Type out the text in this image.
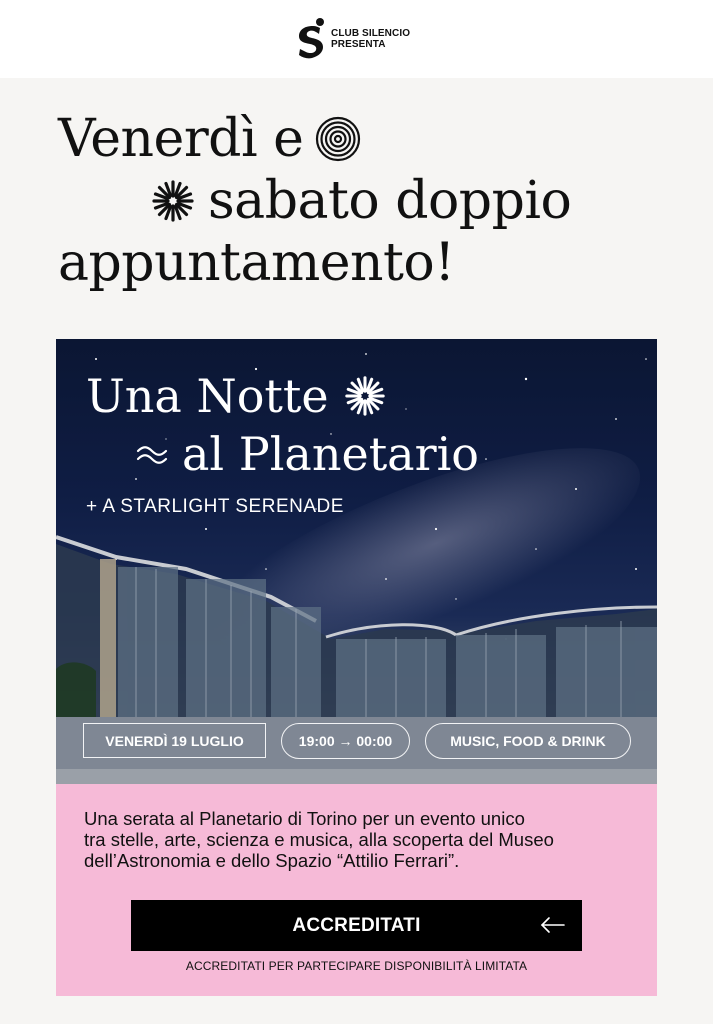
CLUB SILENCIO
PRESENTA
Venerdì e
sabato doppio
appuntamento!
Una Notte
al Planetario
+ A STARLIGHT SERENADE
VENERDÌ 19 LUGLIO	19:00 → 00:00	MUSIC, FOOD & DRINK
Una serata al Planetario di Torino per un evento unico
tra stelle, arte, scienza e musica, alla scoperta del Museo
dell’Astronomia e dello Spazio “Attilio Ferrari”.
ACCREDITATI
ACCREDITATI PER PARTECIPARE DISPONIBILITÀ LIMITATA
